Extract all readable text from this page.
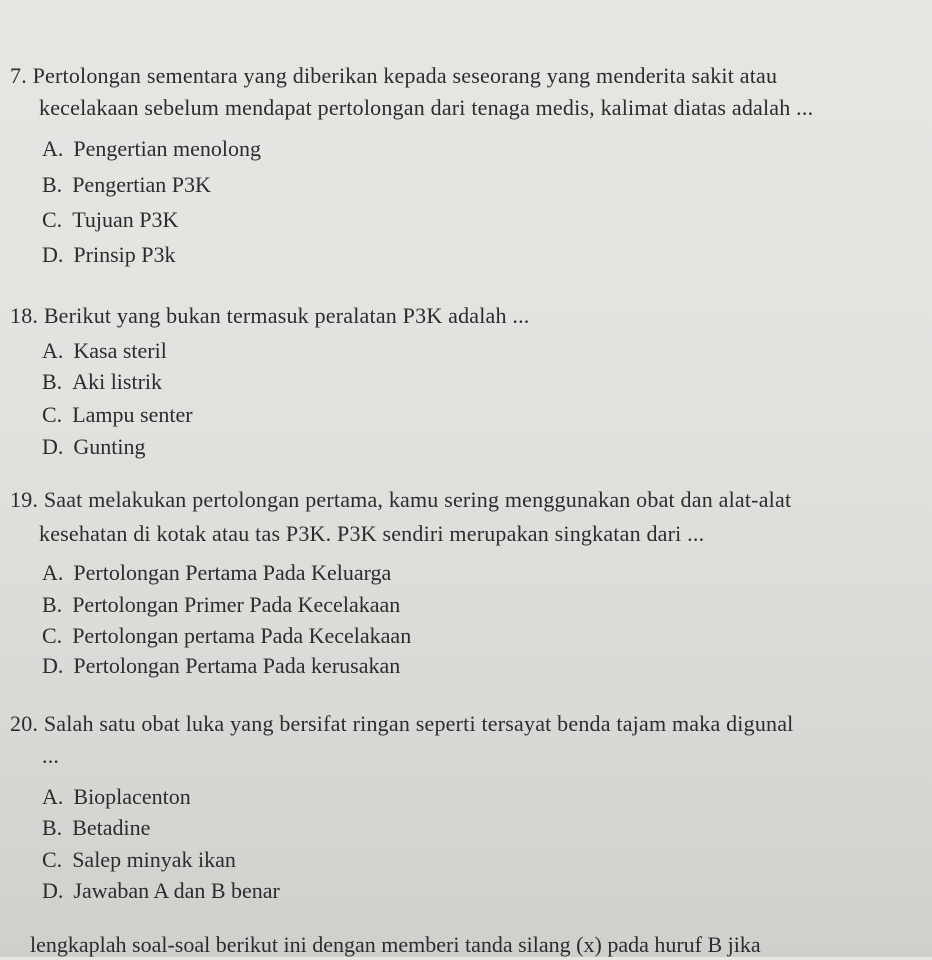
7. Pertolongan sementara yang diberikan kepada seseorang yang menderita sakit atau
kecelakaan sebelum mendapat pertolongan dari tenaga medis, kalimat diatas adalah ...
A. Pengertian menolong
B. Pengertian P3K
C. Tujuan P3K
D. Prinsip P3k
18. Berikut yang bukan termasuk peralatan P3K adalah ...
A. Kasa steril
B. Aki listrik
C. Lampu senter
D. Gunting
19. Saat melakukan pertolongan pertama, kamu sering menggunakan obat dan alat-alat
kesehatan di kotak atau tas P3K. P3K sendiri merupakan singkatan dari ...
A. Pertolongan Pertama Pada Keluarga
B. Pertolongan Primer Pada Kecelakaan
C. Pertolongan pertama Pada Kecelakaan
D. Pertolongan Pertama Pada kerusakan
20. Salah satu obat luka yang bersifat ringan seperti tersayat benda tajam maka digunal
...
A. Bioplacenton
B. Betadine
C. Salep minyak ikan
D. Jawaban A dan B benar
lengkaplah soal-soal berikut ini dengan memberi tanda silang (x) pada huruf B jika
